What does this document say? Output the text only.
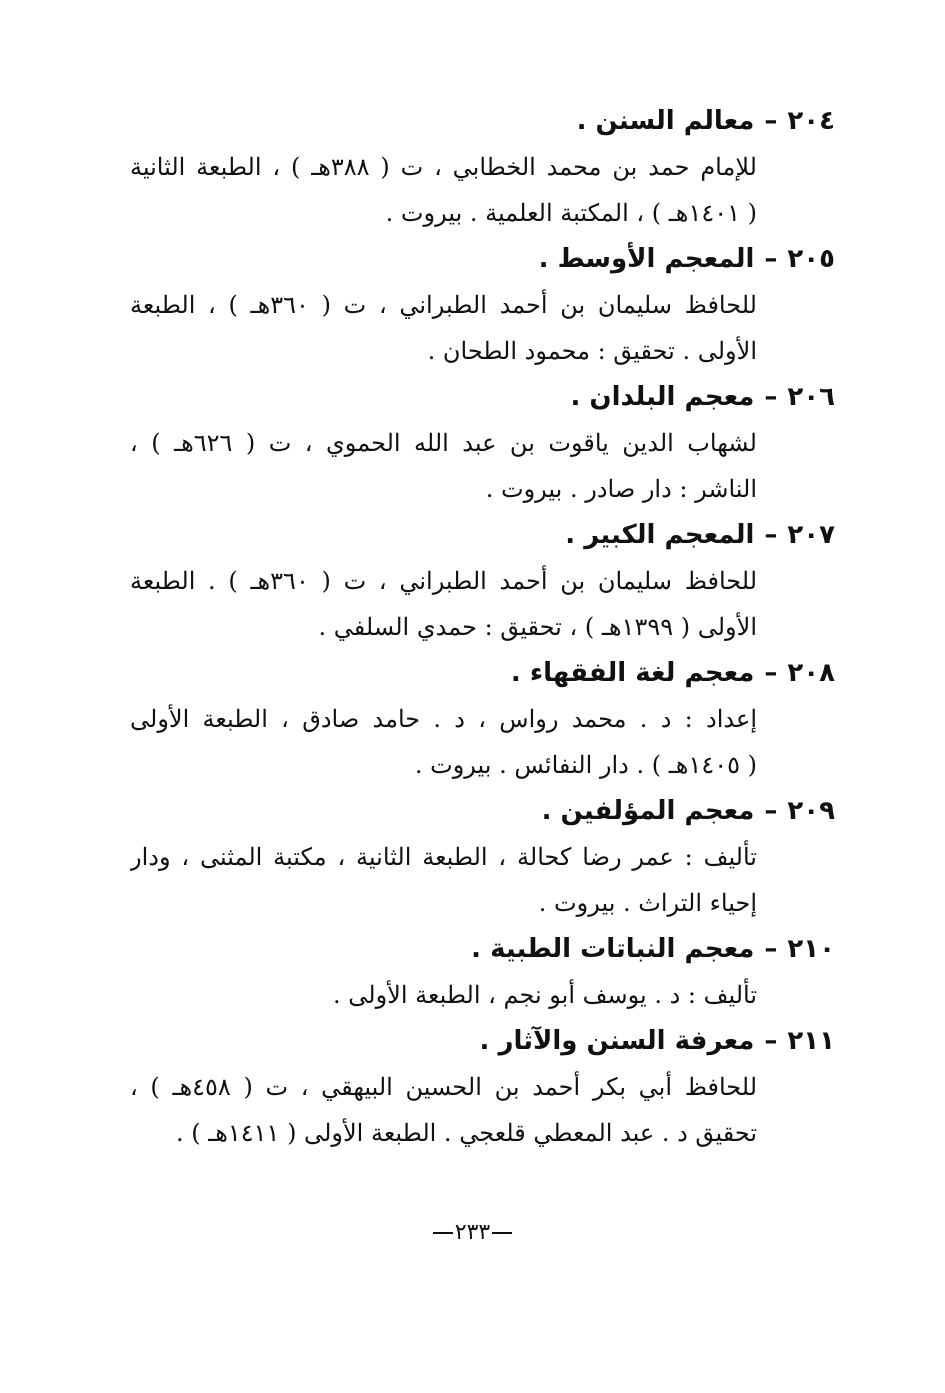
٢٠٤–معالم السنن .
للإمام حمد بن محمد الخطابي ، ت ( ٣٨٨هـ ) ، الطبعة الثانية
( ١٤٠١هـ ) ، المكتبة العلمية . بيروت .
٢٠٥–المعجم الأوسط .
للحافظ سليمان بن أحمد الطبراني ، ت ( ٣٦٠هـ ) ، الطبعة
الأولى . تحقيق : محمود الطحان .
٢٠٦–معجم البلدان .
لشهاب الدين ياقوت بن عبد الله الحموي ، ت ( ٦٢٦هـ ) ،
الناشر : دار صادر . بيروت .
٢٠٧–المعجم الكبير .
للحافظ سليمان بن أحمد الطبراني ، ت ( ٣٦٠هـ ) . الطبعة
الأولى ( ١٣٩٩هـ ) ، تحقيق : حمدي السلفي .
٢٠٨–معجم لغة الفقهاء .
إعداد : د . محمد رواس ، د . حامد صادق ، الطبعة الأولى
( ١٤٠٥هـ ) . دار النفائس . بيروت .
٢٠٩–معجم المؤلفين .
تأليف : عمر رضا كحالة ، الطبعة الثانية ، مكتبة المثنى ، ودار
إحياء التراث . بيروت .
٢١٠–معجم النباتات الطبية .
تأليف : د . يوسف أبو نجم ، الطبعة الأولى .
٢١١–معرفة السنن والآثار .
للحافظ أبي بكر أحمد بن الحسين البيهقي ، ت ( ٤٥٨هـ ) ،
تحقيق د . عبد المعطي قلعجي . الطبعة الأولى ( ١٤١١هـ ) .
٢٣٣
